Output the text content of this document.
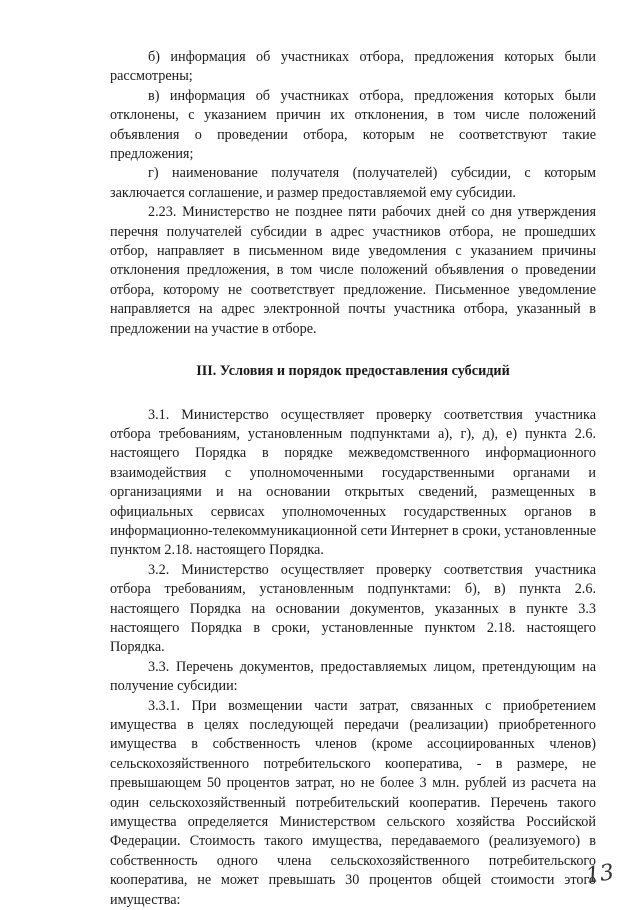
б) информация об участниках отбора, предложения которых были рассмотрены;

в) информация об участниках отбора, предложения которых были отклонены, с указанием причин их отклонения, в том числе положений объявления о проведении отбора, которым не соответствуют такие предложения;

г) наименование получателя (получателей) субсидии, с которым заключается соглашение, и размер предоставляемой ему субсидии.

2.23. Министерство не позднее пяти рабочих дней со дня утверждения перечня получателей субсидии в адрес участников отбора, не прошедших отбор, направляет в письменном виде уведомления с указанием причины отклонения предложения, в том числе положений объявления о проведении отбора, которому не соответствует предложение. Письменное уведомление направляется на адрес электронной почты участника отбора, указанный в предложении на участие в отборе.

III. Условия и порядок предоставления субсидий

3.1. Министерство осуществляет проверку соответствия участника отбора требованиям, установленным подпунктами а), г), д), е) пункта 2.6. настоящего Порядка в порядке межведомственного информационного взаимодействия с уполномоченными государственными органами и организациями и на основании открытых сведений, размещенных в официальных сервисах уполномоченных государственных органов в информационно-телекоммуникационной сети Интернет в сроки, установленные пунктом 2.18. настоящего Порядка.

3.2. Министерство осуществляет проверку соответствия участника отбора требованиям, установленным подпунктами: б), в) пункта 2.6. настоящего Порядка на основании документов, указанных в пункте 3.3 настоящего Порядка в сроки, установленные пунктом 2.18. настоящего Порядка.

3.3. Перечень документов, предоставляемых лицом, претендующим на получение субсидии:

3.3.1. При возмещении части затрат, связанных с приобретением имущества в целях последующей передачи (реализации) приобретенного имущества в собственность членов (кроме ассоциированных членов) сельскохозяйственного потребительского кооператива, - в размере, не превышающем 50 процентов затрат, но не более 3 млн. рублей из расчета на один сельскохозяйственный потребительский кооператив. Перечень такого имущества определяется Министерством сельского хозяйства Российской Федерации. Стоимость такого имущества, передаваемого (реализуемого) в собственность одного члена сельскохозяйственного потребительского кооператива, не может превышать 30 процентов общей стоимости этого имущества:

13
